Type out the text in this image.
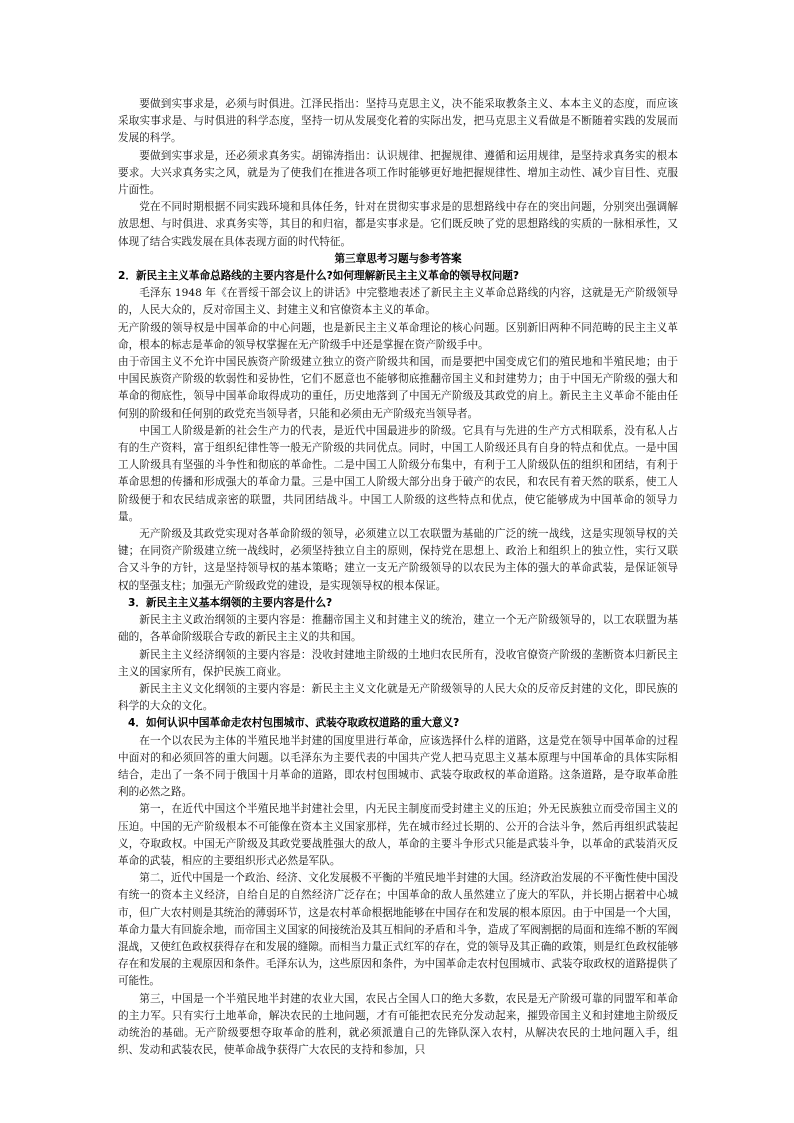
要做到实事求是，必须与时俱进。江泽民指出：坚持马克思主义，决不能采取教条主义、本本主义的态度，而应该采取实事求是、与时俱进的科学态度，坚持一切从发展变化着的实际出发，把马克思主义看做是不断随着实践的发展而发展的科学。

要做到实事求是，还必须求真务实。胡锦涛指出：认识规律、把握规律、遵循和运用规律，是坚持求真务实的根本要求。大兴求真务实之风，就是为了使我们在推进各项工作时能够更好地把握规律性、增加主动性、减少盲目性、克服片面性。

党在不同时期根据不同实践环境和具体任务，针对在贯彻实事求是的思想路线中存在的突出问题，分别突出强调解放思想、与时俱进、求真务实等，其目的和归宿，都是实事求是。它们既反映了党的思想路线的实质的一脉相承性，又体现了结合实践发展在具体表现方面的时代特征。

第三章思考习题与参考答案

2．新民主主义革命总路线的主要内容是什么?如何理解新民主主义革命的领导权问题?

毛泽东 1948 年《在晋绥干部会议上的讲话》中完整地表述了新民主主义革命总路线的内容，这就是无产阶级领导的，人民大众的，反对帝国主义、封建主义和官僚资本主义的革命。

无产阶级的领导权是中国革命的中心问题，也是新民主主义革命理论的核心问题。区别新旧两种不同范畴的民主主义革命，根本的标志是革命的领导权掌握在无产阶级手中还是掌握在资产阶级手中。

由于帝国主义不允许中国民族资产阶级建立独立的资产阶级共和国，而是要把中国变成它们的殖民地和半殖民地；由于中国民族资产阶级的软弱性和妥协性，它们不愿意也不能够彻底推翻帝国主义和封建势力；由于中国无产阶级的强大和革命的彻底性，领导中国革命取得成功的重任，历史地落到了中国无产阶级及其政党的肩上。新民主主义革命不能由任何别的阶级和任何别的政党充当领导者，只能和必须由无产阶级充当领导者。

中国工人阶级是新的社会生产力的代表，是近代中国最进步的阶级。它具有与先进的生产方式相联系，没有私人占有的生产资料，富于组织纪律性等一般无产阶级的共同优点。同时，中国工人阶级还具有自身的特点和优点。一是中国工人阶级具有坚强的斗争性和彻底的革命性。二是中国工人阶级分布集中，有利于工人阶级队伍的组织和团结，有利于革命思想的传播和形成强大的革命力量。三是中国工人阶级大部分出身于破产的农民，和农民有着天然的联系，使工人阶级便于和农民结成亲密的联盟，共同团结战斗。中国工人阶级的这些特点和优点，使它能够成为中国革命的领导力量。

无产阶级及其政党实现对各革命阶级的领导，必须建立以工农联盟为基础的广泛的统一战线，这是实现领导权的关键；在同资产阶级建立统一战线时，必须坚持独立自主的原则，保持党在思想上、政治上和组织上的独立性，实行又联合又斗争的方针，这是坚持领导权的基本策略；建立一支无产阶级领导的以农民为主体的强大的革命武装，是保证领导权的坚强支柱；加强无产阶级政党的建设，是实现领导权的根本保证。

3．新民主主义基本纲领的主要内容是什么?

新民主主义政治纲领的主要内容是：推翻帝国主义和封建主义的统治，建立一个无产阶级领导的，以工农联盟为基础的，各革命阶级联合专政的新民主主义的共和国。

新民主主义经济纲领的主要内容是：没收封建地主阶级的土地归农民所有，没收官僚资产阶级的垄断资本归新民主主义的国家所有，保护民族工商业。

新民主主义文化纲领的主要内容是：新民主主义文化就是无产阶级领导的人民大众的反帝反封建的文化，即民族的科学的大众的文化。

4．如何认识中国革命走农村包围城市、武装夺取政权道路的重大意义?

在一个以农民为主体的半殖民地半封建的国度里进行革命，应该选择什么样的道路，这是党在领导中国革命的过程中面对的和必须回答的重大问题。以毛泽东为主要代表的中国共产党人把马克思主义基本原理与中国革命的具体实际相结合，走出了一条不同于俄国十月革命的道路，即农村包围城市、武装夺取政权的革命道路。这条道路，是夺取革命胜利的必然之路。

第一，在近代中国这个半殖民地半封建社会里，内无民主制度而受封建主义的压迫；外无民族独立而受帝国主义的压迫。中国的无产阶级根本不可能像在资本主义国家那样，先在城市经过长期的、公开的合法斗争，然后再组织武装起义，夺取政权。中国无产阶级及其政党要战胜强大的敌人，革命的主要斗争形式只能是武装斗争，以革命的武装消灭反革命的武装，相应的主要组织形式必然是军队。

第二，近代中国是一个政治、经济、文化发展极不平衡的半殖民地半封建的大国。经济政治发展的不平衡性使中国没有统一的资本主义经济，自给自足的自然经济广泛存在；中国革命的敌人虽然建立了庞大的军队，并长期占据着中心城市，但广大农村则是其统治的薄弱环节，这是农村革命根据地能够在中国存在和发展的根本原因。由于中国是一个大国，革命力量大有回旋余地，而帝国主义国家的间接统治及其互相间的矛盾和斗争，造成了军阀割据的局面和连绵不断的军阀混战，又使红色政权获得存在和发展的缝隙。而相当力量正式红军的存在，党的领导及其正确的政策，则是红色政权能够存在和发展的主观原因和条件。毛泽东认为，这些原因和条件，为中国革命走农村包围城市、武装夺取政权的道路提供了可能性。

第三，中国是一个半殖民地半封建的农业大国，农民占全国人口的绝大多数，农民是无产阶级可靠的同盟军和革命的主力军。只有实行土地革命，解决农民的土地问题，才有可能把农民充分发动起来，摧毁帝国主义和封建地主阶级反动统治的基础。无产阶级要想夺取革命的胜利，就必须派遣自己的先锋队深入农村，从解决农民的土地问题入手，组织、发动和武装农民，使革命战争获得广大农民的支持和参加，只
